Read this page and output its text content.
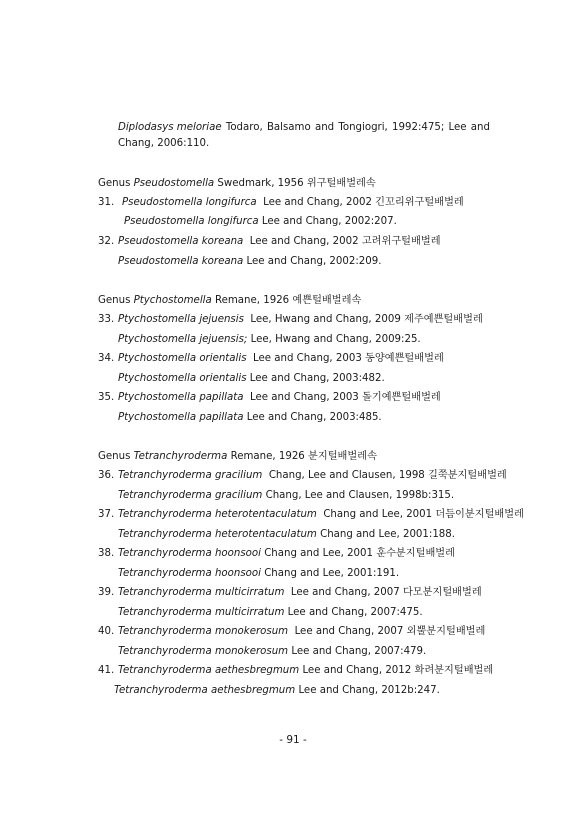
Diplodasys meloriae Todaro, Balsamo and Tongiogri, 1992:475; Lee and
Chang, 2006:110.
Genus Pseudostomella Swedmark, 1956 위구털배벌레속
31. Pseudostomella longifurca Lee and Chang, 2002 긴꼬리위구털배벌레
Pseudostomella longifurca Lee and Chang, 2002:207.
32. Pseudostomella koreana Lee and Chang, 2002 고려위구털배벌레
Pseudostomella koreana Lee and Chang, 2002:209.
Genus Ptychostomella Remane, 1926 예쁜털배벌레속
33. Ptychostomella jejuensis Lee, Hwang and Chang, 2009 제주예쁜털배벌레
Ptychostomella jejuensis; Lee, Hwang and Chang, 2009:25.
34. Ptychostomella orientalis Lee and Chang, 2003 동양예쁜털배벌레
Ptychostomella orientalis Lee and Chang, 2003:482.
35. Ptychostomella papillata Lee and Chang, 2003 돌기예쁜털배벌레
Ptychostomella papillata Lee and Chang, 2003:485.
Genus Tetranchyroderma Remane, 1926 분지털배벌레속
36. Tetranchyroderma gracilium Chang, Lee and Clausen, 1998 길쭉분지털배벌레
Tetranchyroderma gracilium Chang, Lee and Clausen, 1998b:315.
37. Tetranchyroderma heterotentaculatum Chang and Lee, 2001 더듬이분지털배벌레
Tetranchyroderma heterotentaculatum Chang and Lee, 2001:188.
38. Tetranchyroderma hoonsooi Chang and Lee, 2001 훈수분지털배벌레
Tetranchyroderma hoonsooi Chang and Lee, 2001:191.
39. Tetranchyroderma multicirratum Lee and Chang, 2007 다모분지털배벌레
Tetranchyroderma multicirratum Lee and Chang, 2007:475.
40. Tetranchyroderma monokerosum Lee and Chang, 2007 외뿔분지털배벌레
Tetranchyroderma monokerosum Lee and Chang, 2007:479.
41. Tetranchyroderma aethesbregmum Lee and Chang, 2012 화려분지털배벌레
Tetranchyroderma aethesbregmum Lee and Chang, 2012b:247.
- 91 -
